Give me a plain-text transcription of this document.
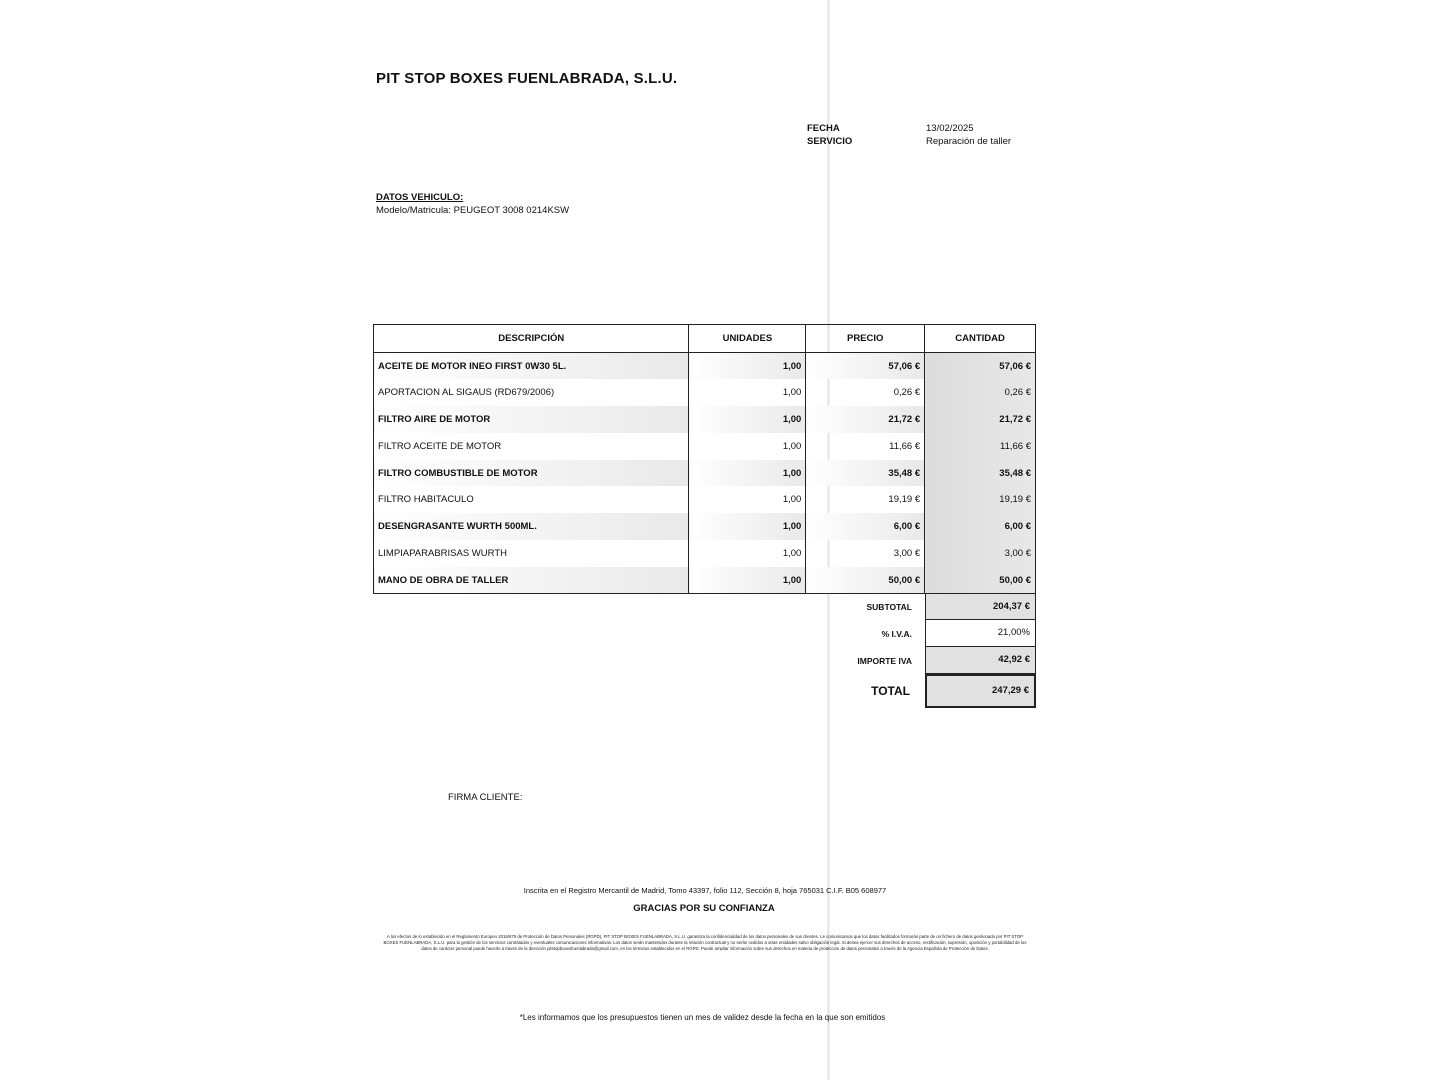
PIT STOP BOXES FUENLABRADA, S.L.U.
FECHA	13/02/2025
SERVICIO	Reparación de taller
DATOS VEHICULO:
Modelo/Matricula: PEUGEOT 3008 0214KSW
DESCRIPCIÓN	UNIDADES	PRECIO	CANTIDAD
ACEITE DE MOTOR INEO FIRST 0W30 5L.	1,00	57,06 €	57,06 €
APORTACION AL SIGAUS (RD679/2006)	1,00	0,26 €	0,26 €
FILTRO AIRE DE MOTOR	1,00	21,72 €	21,72 €
FILTRO ACEITE DE MOTOR	1,00	11,66 €	11,66 €
FILTRO COMBUSTIBLE DE MOTOR	1,00	35,48 €	35,48 €
FILTRO HABITACULO	1,00	19,19 €	19,19 €
DESENGRASANTE WURTH 500ML.	1,00	6,00 €	6,00 €
LIMPIAPARABRISAS WURTH	1,00	3,00 €	3,00 €
MANO DE OBRA DE TALLER	1,00	50,00 €	50,00 €
SUBTOTAL	204,37 €
% I.V.A.	21,00%
IMPORTE IVA	42,92 €
TOTAL	247,29 €
FIRMA CLIENTE:
Inscrita en el Registro Mercantil de Madrid, Tomo 43397, folio 112, Sección 8, hoja 765031 C.I.F. B05 608977
GRACIAS POR SU CONFIANZA
A los efectos de lo establecido en el Reglamento Europeo 2016/679 de Protección de Datos Personales (RGPD), PIT STOP BOXES FUENLABRADA, S.L.U. garantiza la confidencialidad de los datos personales de sus clientes. Le comunicamos que los datos facilitados formarán parte de un fichero de datos gestionado por PIT STOP BOXES FUENLABRADA, S.L.U. para la gestión de los servicios contratados y eventuales comunicaciones informativas. Los datos serán mantenidos durante la relación contractual y no serán cedidos a otras entidades salvo obligación legal. Si desea ejercer sus derechos de acceso, rectificación, supresión, oposición y portabilidad de los datos de carácter personal puede hacerlo a través de la dirección pitstopboxesfuenlabrada@gmail.com, en los términos establecidos en el RGPD. Puede ampliar información sobre sus derechos en materia de protección de datos personales a través de la Agencia Española de Protección de Datos.
*Les informamos que los presupuestos tienen un mes de validez desde la fecha en la que son emitidos
